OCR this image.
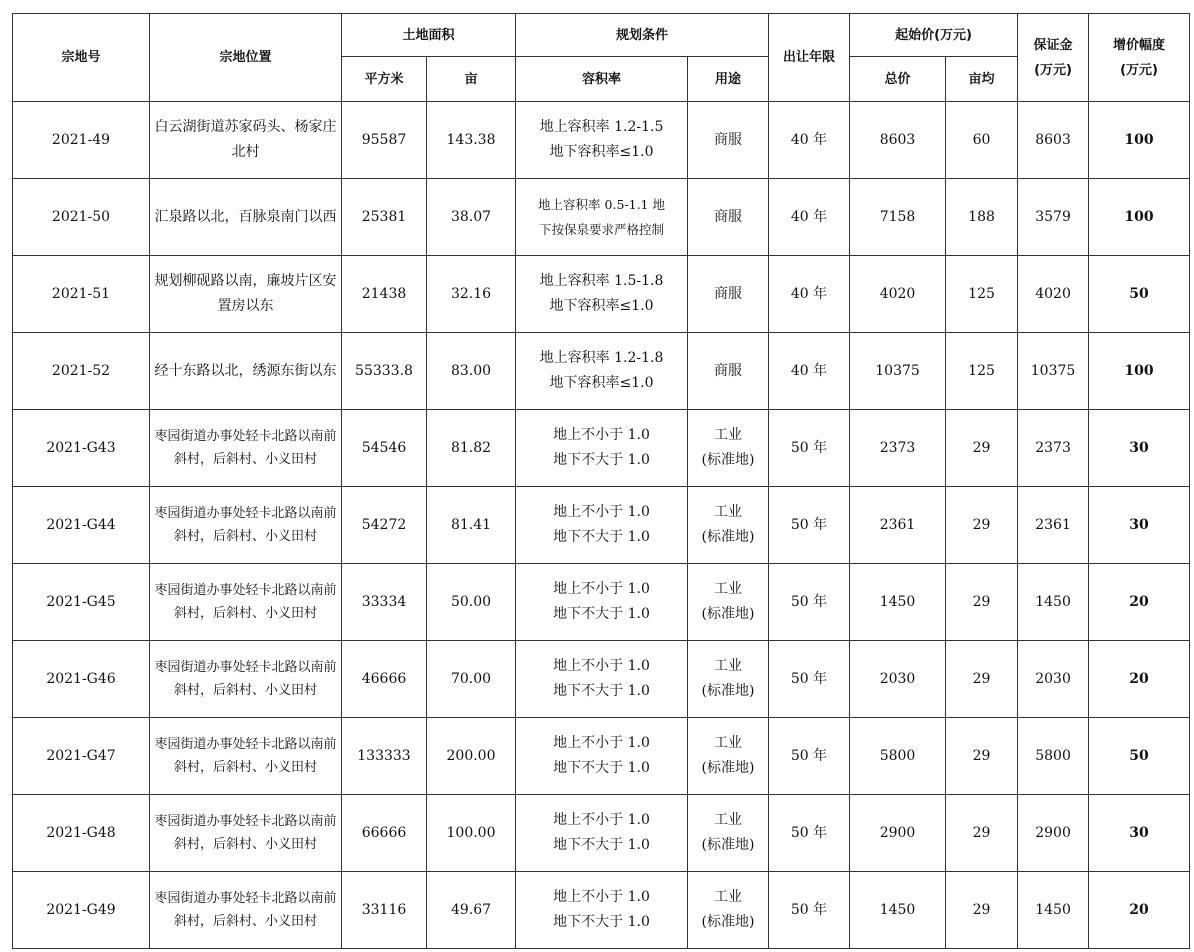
宗地号	宗地位置	土地面积		规划条件		出让年限	起始价(万元)		保证金
(万元)	增价幅度
(万元)

		平方米	亩	容积率	用途		总价	亩均		
2021-49	白云湖街道苏家码头、杨家庄北村	95587	143.38	地上容积率 1.2-1.5
地下容积率≤1.0	商服	40 年	8603	60	8603	100
2021-50	汇泉路以北，百脉泉南门以西	25381	38.07	地上容积率 0.5-1.1 地
下按保泉要求严格控制	商服	40 年	7158	188	3579	100
2021-51	规划柳砚路以南，廉坡片区安置房以东	21438	32.16	地上容积率 1.5-1.8
地下容积率≤1.0	商服	40 年	4020	125	4020	50
2021-52	经十东路以北，绣源东街以东	55333.8	83.00	地上容积率 1.2-1.8
地下容积率≤1.0	商服	40 年	10375	125	10375	100
2021-G43	枣园街道办事处轻卡北路以南前斜村，后斜村、小义田村	54546	81.82	地上不小于 1.0
地下不大于 1.0	工业
(标准地)	50 年	2373	29	2373	30
2021-G44	枣园街道办事处轻卡北路以南前斜村，后斜村、小义田村	54272	81.41	地上不小于 1.0
地下不大于 1.0	工业
(标准地)	50 年	2361	29	2361	30
2021-G45	枣园街道办事处轻卡北路以南前斜村，后斜村、小义田村	33334	50.00	地上不小于 1.0
地下不大于 1.0	工业
(标准地)	50 年	1450	29	1450	20
2021-G46	枣园街道办事处轻卡北路以南前斜村，后斜村、小义田村	46666	70.00	地上不小于 1.0
地下不大于 1.0	工业
(标准地)	50 年	2030	29	2030	20
2021-G47	枣园街道办事处轻卡北路以南前斜村，后斜村、小义田村	133333	200.00	地上不小于 1.0
地下不大于 1.0	工业
(标准地)	50 年	5800	29	5800	50
2021-G48	枣园街道办事处轻卡北路以南前斜村，后斜村、小义田村	66666	100.00	地上不小于 1.0
地下不大于 1.0	工业
(标准地)	50 年	2900	29	2900	30
2021-G49	枣园街道办事处轻卡北路以南前斜村，后斜村、小义田村	33116	49.67	地上不小于 1.0
地下不大于 1.0	工业
(标准地)	50 年	1450	29	1450	20
